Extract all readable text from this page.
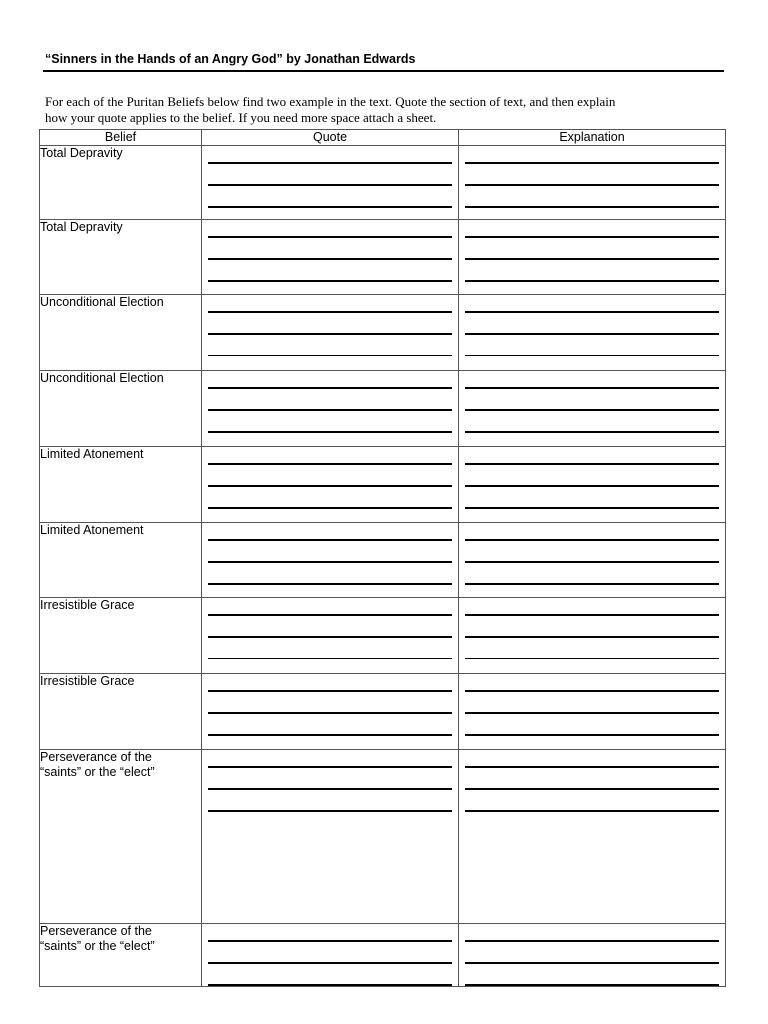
“Sinners in the Hands of an Angry God” by Jonathan Edwards
For each of the Puritan Beliefs below find two example in the text. Quote the section of text, and then explain
how your quote applies to the belief. If you need more space attach a sheet.
Belief	Quote	Explanation

Total Depravity		

Total Depravity		

Unconditional Election		

Unconditional Election		

Limited Atonement		

Limited Atonement		

Irresistible Grace		

Irresistible Grace		

Perseverance of the
“saints” or the “elect”		

Perseverance of the
“saints” or the “elect”		
